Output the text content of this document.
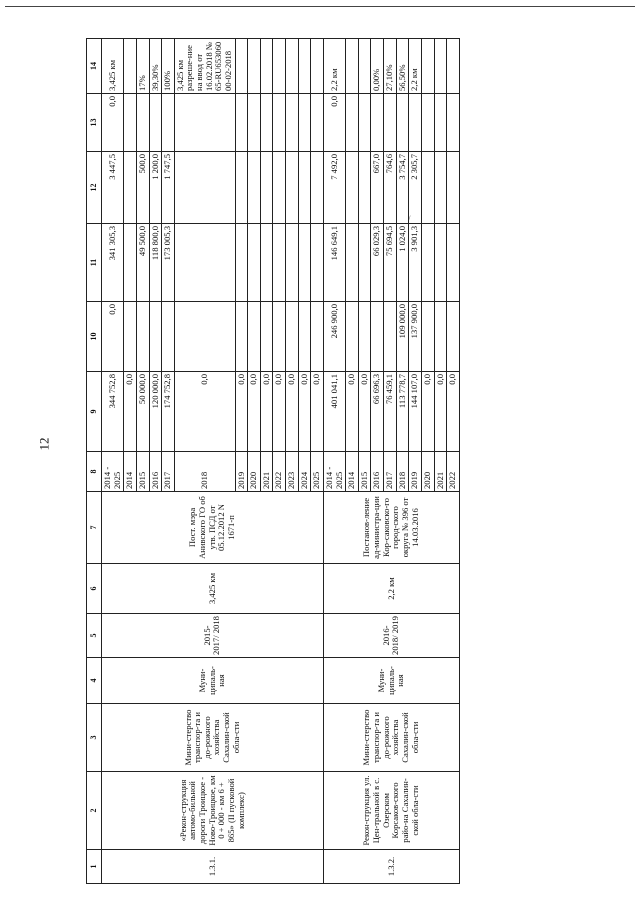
12
/
1	2	3	4	5	6	7	8	9	10	11	12	13	14
1.3.1.	«Рекон-струкция автомо-бильной дороги Троицкое - Ново-Троицкое, км 0 + 000 - км 6 + 865» (II пусковой комплекс)	Мини-стерство транспор-та и до-рожного хозяйства Сахалин-ской обла-сти	Муни-ципаль-ная	2015-2017/ 2018	3,425 км	Пост. мэра Анивского ГО об утв. ПСД от 05.12.2012 N 1671-п	2014 - 2025	344 752,8	0,0	341 305,3	3 447,5	0,0	3,425 км
							2014	0,0					
							2015	50 000,0		49 500,0	500,0		17%
							2016	120 000,0		118 800,0	1 200,0		39,30%
							2017	174 752,8		173 005,3	1 747,5		100%
							2018	0,0					3,425 км разреше-ние на ввод от 16.02.2018 № 65-RU653060 00-02-2018
							2019	0,0					
							2020	0,0					
							2021	0,0					
							2022	0,0					
							2023	0,0					
							2024	0,0					
							2025	0,0					
1.3.2.	Рекон-струкция ул. Цен-тральной в с. Озерском Корсаков-ского райо-на Сахалин-ской обла-сти	Мини-стерство транспор-та и до-рожного хозяйства Сахалин-ской обла-сти	Муни-ципаль-ная	2016-2018/ 2019	2,2 км	Постанов-ление ад-министра-ции Кор-саковско-го город-ского округа № 396 от 14.03.2016	2014 - 2025	401 041,1	246 900,0	146 649,1	7 492,0	0,0	2,2 км
							2014	0,0					
							2015	0,0					
							2016	66 696,3		66 029,3	667,0		0,00%
							2017	76 459,1		75 694,5	764,6		27,10%
							2018	113 778,7	109 000,0	1 024,0	3 754,7		56,50%
							2019	144 107,0	137 900,0	3 901,3	2 305,7		2,2 км
							2020	0,0					
							2021	0,0					
							2022	0,0					
